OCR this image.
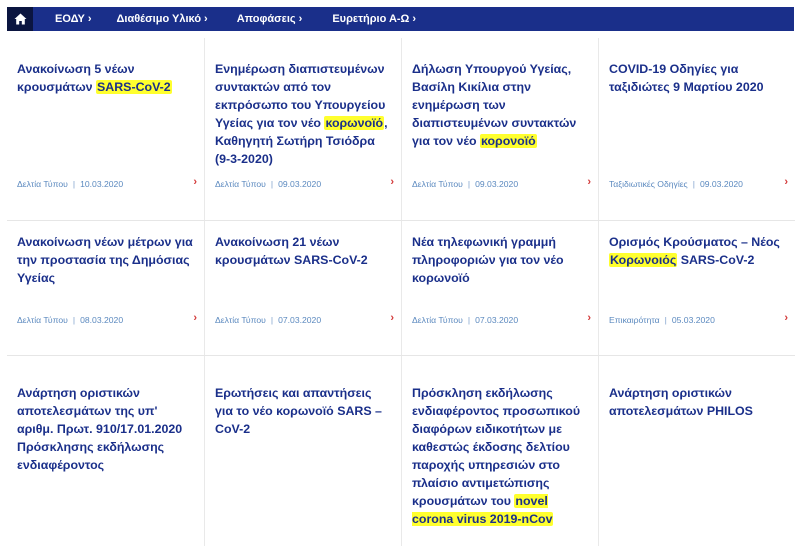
ΕΟΔΥ › Διαθέσιμο Υλικό ›	Αποφάσεις ›	Ευρετήριο Α-Ω ›

Ανακοίνωση 5 νέων κρουσμάτων SARS-CoV-2

Δελτία Τύπου | 10.03.2020	›

Ενημέρωση διαπιστευμένων συντακτών από τον εκπρόσωπο του Υπουργείου Υγείας για τον νέο κορωνοϊό, Καθηγητή Σωτήρη Τσιόδρα (9-3-2020)

Δελτία Τύπου | 09.03.2020	›

Δήλωση Υπουργού Υγείας, Βασίλη Κικίλια στην ενημέρωση των διαπιστευμένων συντακτών για τον νέο κορονοϊό

Δελτία Τύπου | 09.03.2020	›

COVID-19 Οδηγίες για ταξιδιώτες 9 Μαρτίου 2020

Ταξιδιωτικές Οδηγίες | 09.03.2020	›

Ανακοίνωση νέων μέτρων για την προστασία της Δημόσιας Υγείας

Δελτία Τύπου | 08.03.2020	›

Ανακοίνωση 21 νέων κρουσμάτων SARS-CoV-2

Δελτία Τύπου | 07.03.2020	›

Νέα τηλεφωνική γραμμή πληροφοριών για τον νέο κορωνοϊό

Δελτία Τύπου | 07.03.2020	›

Ορισμός Κρούσματος – Νέος Κορωνοιός SARS-CoV-2

Επικαιρότητα | 05.03.2020	›

Ανάρτηση οριστικών αποτελεσμάτων της υπ' αριθμ. Πρωτ. 910/17.01.2020 Πρόσκλησης εκδήλωσης ενδιαφέροντος

Ερωτήσεις και απαντήσεις για το νέο κορωνοϊό SARS –CoV-2

Πρόσκληση εκδήλωσης ενδιαφέροντος προσωπικού διαφόρων ειδικοτήτων με καθεστώς έκδοσης δελτίου παροχής υπηρεσιών στο πλαίσιο αντιμετώπισης κρουσμάτων του novel corona virus 2019-nCov

Ανάρτηση οριστικών αποτελεσμάτων PHILOS
